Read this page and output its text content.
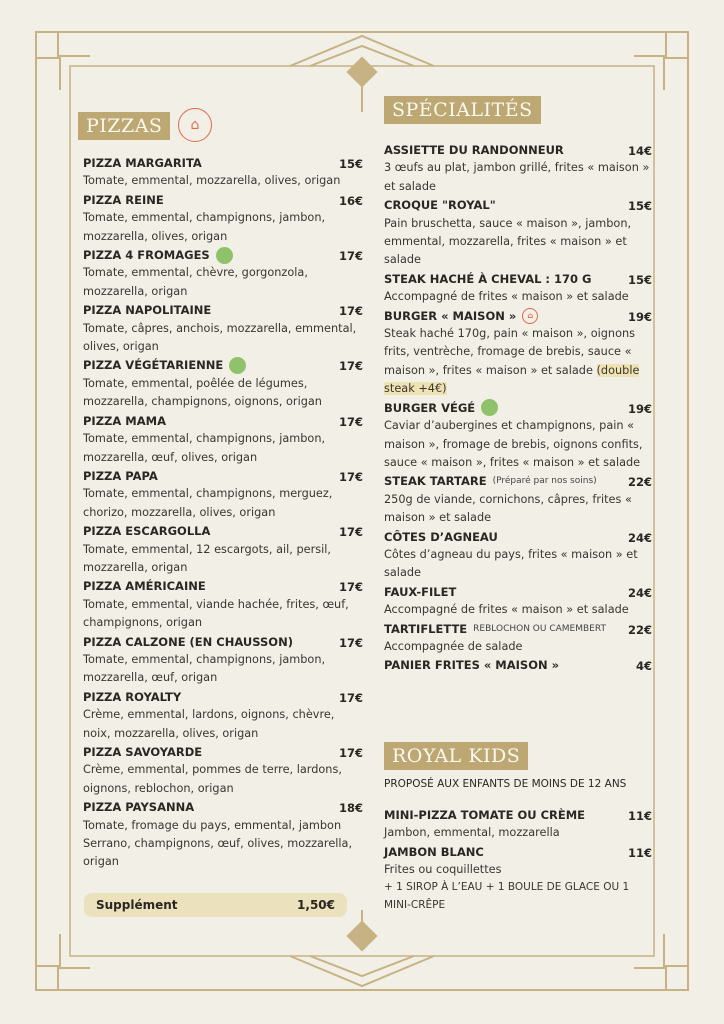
PIZZAS	⌂
PIZZA MARGARITA	15€
Tomate, emmental, mozzarella, olives, origan
PIZZA REINE	16€
Tomate, emmental, champignons, jambon, mozzarella, olives, origan
PIZZA 4 FROMAGES	17€
Tomate, emmental, chèvre, gorgonzola, mozzarella, origan
PIZZA NAPOLITAINE	17€
Tomate, câpres, anchois, mozzarella, emmental, olives, origan
PIZZA VÉGÉTARIENNE	17€
Tomate, emmental, poêlée de légumes, mozzarella, champignons, oignons, origan
PIZZA MAMA	17€
Tomate, emmental, champignons, jambon, mozzarella, œuf, olives, origan
PIZZA PAPA	17€
Tomate, emmental, champignons, merguez, chorizo, mozzarella, olives, origan
PIZZA ESCARGOLLA	17€
Tomate, emmental, 12 escargots, ail, persil, mozzarella, origan
PIZZA AMÉRICAINE	17€
Tomate, emmental, viande hachée, frites, œuf, champignons, origan
PIZZA CALZONE (EN CHAUSSON)	17€
Tomate, emmental, champignons, jambon, mozzarella, œuf, origan
PIZZA ROYALTY	17€
Crème, emmental, lardons, oignons, chèvre, noix, mozzarella, olives, origan
PIZZA SAVOYARDE	17€
Crème, emmental, pommes de terre, lardons, oignons, reblochon, origan
PIZZA PAYSANNA	18€
Tomate, fromage du pays, emmental, jambon Serrano, champignons, œuf, olives, mozzarella, origan
Supplément	1,50€
SPÉCIALITÉS
ASSIETTE DU RANDONNEUR	14€
3 œufs au plat, jambon grillé, frites « maison » et salade
CROQUE "ROYAL"	15€
Pain bruschetta, sauce « maison », jambon, emmental, mozzarella, frites « maison » et salade
STEAK HACHÉ À CHEVAL : 170 G	15€
Accompagné de frites « maison » et salade
BURGER « MAISON »	⌂	19€
Steak haché 170g, pain « maison », oignons frits, ventrèche, fromage de brebis, sauce « maison », frites « maison » et salade (double steak +4€)
BURGER VÉGÉ	19€
Caviar d’aubergines et champignons, pain « maison », fromage de brebis, oignons confits, sauce « maison », frites « maison » et salade
STEAK TARTARE (Préparé par nos soins)	22€
250g de viande, cornichons, câpres, frites « maison » et salade
CÔTES D’AGNEAU	24€
Côtes d’agneau du pays, frites « maison » et salade
FAUX-FILET	24€
Accompagné de frites « maison » et salade
TARTIFLETTE REBLOCHON OU CAMEMBERT 22€
Accompagnée de salade
PANIER FRITES « MAISON »	4€
ROYAL KIDS
PROPOSÉ AUX ENFANTS DE MOINS DE 12 ANS
MINI-PIZZA TOMATE OU CRÈME	11€
Jambon, emmental, mozzarella
JAMBON BLANC	11€
Frites ou coquillettes
+ 1 SIROP À L’EAU + 1 BOULE DE GLACE OU 1 MINI-CRÊPE
